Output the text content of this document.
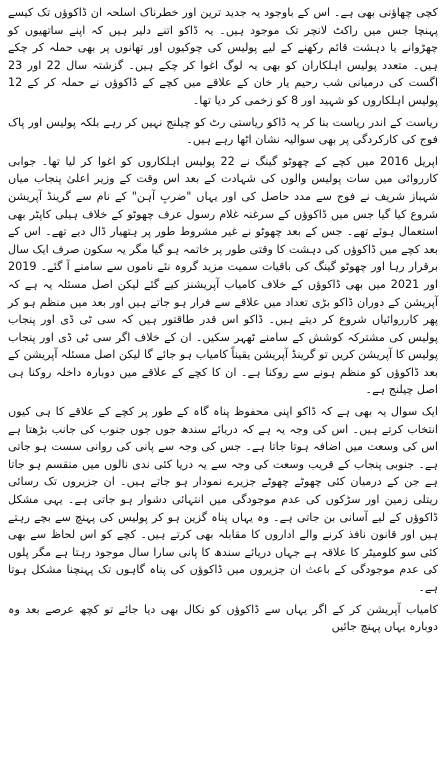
کچی چھاؤنی بھی ہے۔ اس کے باوجود یہ جدید ترین اور خطرناک اسلحہ ان ڈاکوؤں تک کیسے پہنچا جس میں راکٹ لانچر تک موجود ہیں۔ یہ ڈاکو اتنے دلیر ہیں کہ اپنے ساتھیوں کو چھڑوانے یا دہشت قائم رکھنے کے لیے پولیس کی چوکیوں اور تھانوں پر بھی حملہ کر چکے ہیں۔ متعدد پولیس اہلکاران کو بھی یہ لوگ اغوا کر چکے ہیں۔ گزشتہ سال 22 اور 23 اگست کی درمیانی شب رحیم یار خان کے علاقے میں کچے کے ڈاکوؤں نے حملہ کر کے 12 پولیس اہلکاروں کو شہید اور 8 کو زخمی کر دیا تھا۔

ریاست کے اندر ریاست بنا کر یہ ڈاکو ریاستی رٹ کو چیلنج نہیں کر رہے بلکہ پولیس اور پاک فوج کی کارکردگی پر بھی سوالیہ نشان اٹھا رہے ہیں۔

اپریل 2016 میں کچے کے چھوٹو گینگ نے 22 پولیس اہلکاروں کو اغوا کر لیا تھا۔ جوابی کارروائی میں سات پولیس والوں کی شہادت کے بعد اس وقت کے وزیر اعلیٰ پنجاب میاں شہباز شریف نے فوج سے مدد حاصل کی اور یہاں "ضربِ آہن" کے نام سے گرینڈ آپریشن شروع کیا گیا جس میں ڈاکوؤں کے سرغنہ غلام رسول عرف چھوٹو کے خلاف ہیلی کاپٹر بھی استعمال ہوئے تھے۔ جس کے بعد چھوٹو نے غیر مشروط طور پر ہتھیار ڈال دیے تھے۔ اس کے بعد کچے میں ڈاکوؤں کی دہشت کا وقتی طور پر خاتمہ ہو گیا مگر یہ سکون صرف ایک سال برقرار رہا اور چھوٹو گینگ کی باقیات سمیت مزید گروہ نئے ناموں سے سامنے آ گئے۔ 2019 اور 2021 میں بھی ڈاکوؤں کے خلاف کامیاب آپریشنز کیے گئے لیکن اصل مسئلہ یہ ہے کہ آپریشن کے دوران ڈاکو بڑی تعداد میں علاقے سے فرار ہو جاتے ہیں اور بعد میں منظم ہو کر پھر کارروائیاں شروع کر دیتے ہیں۔ ڈاکو اس قدر طاقتور ہیں کہ سی ٹی ڈی اور پنجاب پولیس کی مشترکہ کوشش کے سامنے ٹھہر سکیں۔ ان کے خلاف اگر سی ٹی ڈی اور پنجاب پولیس کا آپریشن کریں تو گرینڈ آپریشن یقیناً کامیاب ہو جائے گا لیکن اصل مسئلہ آپریشن کے بعد ڈاکوؤں کو منظم ہونے سے روکنا ہے۔ ان کا کچے کے علاقے میں دوبارہ داخلہ روکنا ہی اصل چیلنج ہے۔

ایک سوال یہ بھی ہے کہ ڈاکو اپنی محفوظ پناہ گاہ کے طور پر کچے کے علاقے کا ہی کیوں انتخاب کرتے ہیں۔ اس کی وجہ یہ ہے کہ دریائے سندھ جوں جوں جنوب کی جانب بڑھتا ہے اس کی وسعت میں اضافہ ہوتا جاتا ہے۔ جس کی وجہ سے پانی کی روانی سست ہو جاتی ہے۔ جنوبی پنجاب کے قریب وسعت کی وجہ سے یہ دریا کئی ندی نالوں میں منقسم ہو جاتا ہے جن کے درمیان کئی چھوٹے چھوٹے جزیرے نمودار ہو جاتے ہیں۔ ان جزیروں تک رسائی ریتلی زمین اور سڑکوں کی عدم موجودگی میں انتہائی دشوار ہو جاتی ہے۔ یہی مشکل ڈاکوؤں کے لیے آسانی بن جاتی ہے۔ وہ یہاں پناہ گزین ہو کر پولیس کی پہنچ سے بچے رہتے ہیں اور قانون نافذ کرنے والے اداروں کا مقابلہ بھی کرتے ہیں۔ کچے کو اس لحاظ سے بھی کئی سو کلومیٹر کا علاقہ ہے جہاں دریائے سندھ کا پانی سارا سال موجود رہتا ہے مگر پلوں کی عدم موجودگی کے باعث ان جزیروں میں ڈاکوؤں کی پناہ گاہوں تک پہنچنا مشکل ہوتا ہے۔

کامیاب آپریشن کر کے اگر یہاں سے ڈاکوؤں کو نکال بھی دیا جائے تو کچھ عرصے بعد وہ دوبارہ یہاں پہنچ جائیں
